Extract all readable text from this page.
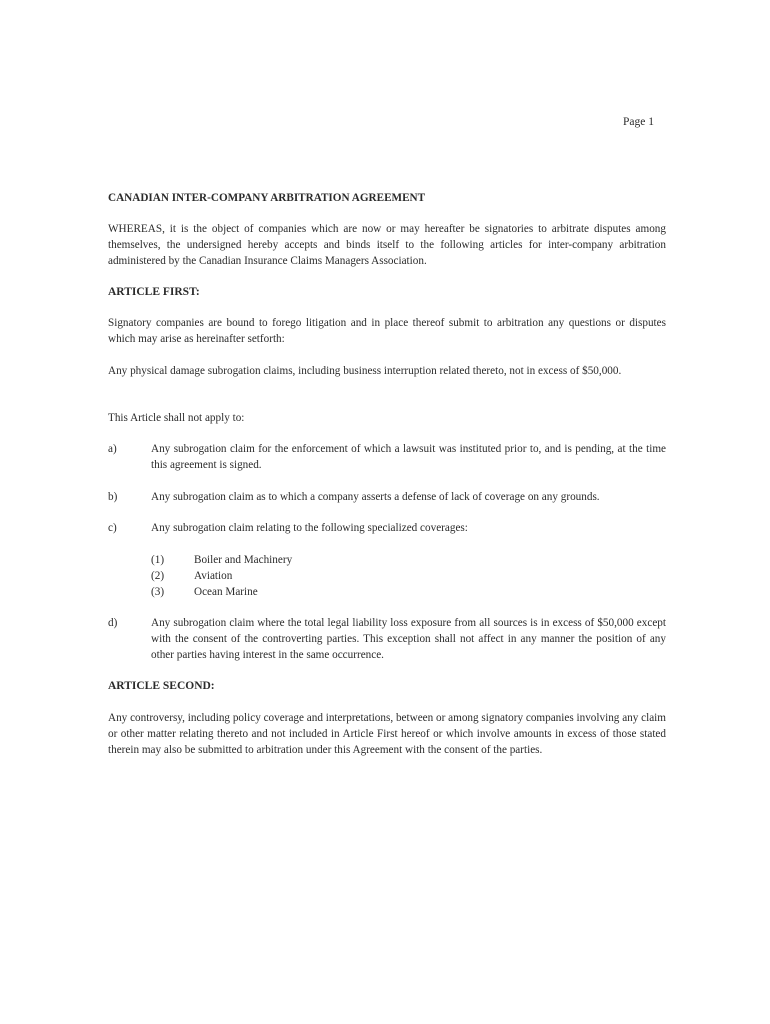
Page 1
CANADIAN INTER-COMPANY ARBITRATION AGREEMENT
WHEREAS, it is the object of companies which are now or may hereafter be signatories to arbitrate disputes among themselves, the undersigned hereby accepts and binds itself to the following articles for inter-company arbitration administered by the Canadian Insurance Claims Managers Association.
ARTICLE FIRST:
Signatory companies are bound to forego litigation and in place thereof submit to arbitration any questions or disputes which may arise as hereinafter setforth:
Any physical damage subrogation claims, including business interruption related thereto, not in excess of $50,000.
This Article shall not apply to:
a)	Any subrogation claim for the enforcement of which a lawsuit was instituted prior to, and is pending, at the time this agreement is signed.
b)	Any subrogation claim as to which a company asserts a defense of lack of coverage on any grounds.
c)	Any subrogation claim relating to the following specialized coverages:
(1)	Boiler and Machinery
(2)	Aviation
(3)	Ocean Marine
d)	Any subrogation claim where the total legal liability loss exposure from all sources is in excess of $50,000 except with the consent of the controverting parties. This exception shall not affect in any manner the position of any other parties having interest in the same occurrence.
ARTICLE SECOND:
Any controversy, including policy coverage and interpretations, between or among signatory companies involving any claim or other matter relating thereto and not included in Article First hereof or which involve amounts in excess of those stated therein may also be submitted to arbitration under this Agreement with the consent of the parties.
